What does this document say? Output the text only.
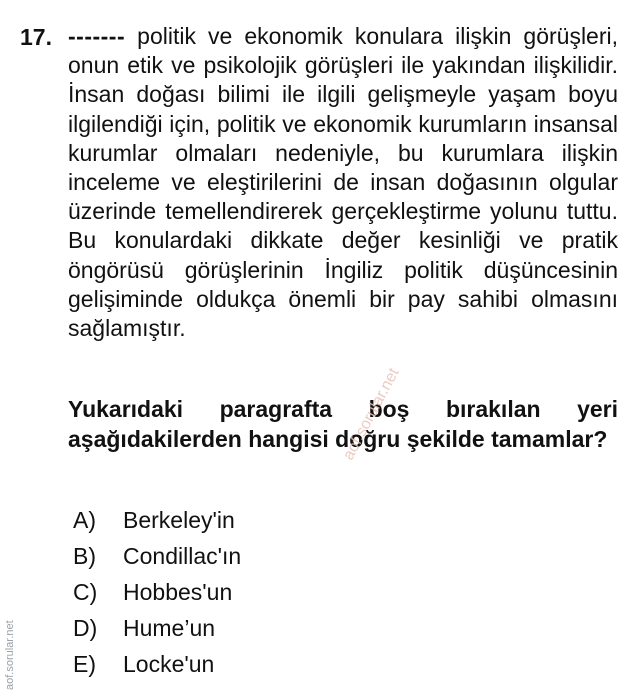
17. ------- politik ve ekonomik konulara ilişkin görüşleri, onun etik ve psikolojik görüşleri ile yakından ilişkilidir. İnsan doğası bilimi ile ilgili gelişmeyle yaşam boyu ilgilendiği için, politik ve ekonomik kurumların insansal kurumlar olmaları nedeniyle, bu kurumlara ilişkin inceleme ve eleştirilerini de insan doğasının olgular üzerinde temellendirerek gerçekleştirme yolunu tuttu. Bu konulardaki dikkate değer kesinliği ve pratik öngörüsü görüşlerinin İngiliz politik düşüncesinin gelişiminde oldukça önemli bir pay sahibi olmasını sağlamıştır.
Yukarıdaki paragrafta boş bırakılan yeri aşağıdakilerden hangisi doğru şekilde tamamlar?
A)	Berkeley'in
B)	Condillac'ın
C)	Hobbes'un
D)	Hume’un
E)	Locke'un
aof.sorular.net
aof.sorular.net
